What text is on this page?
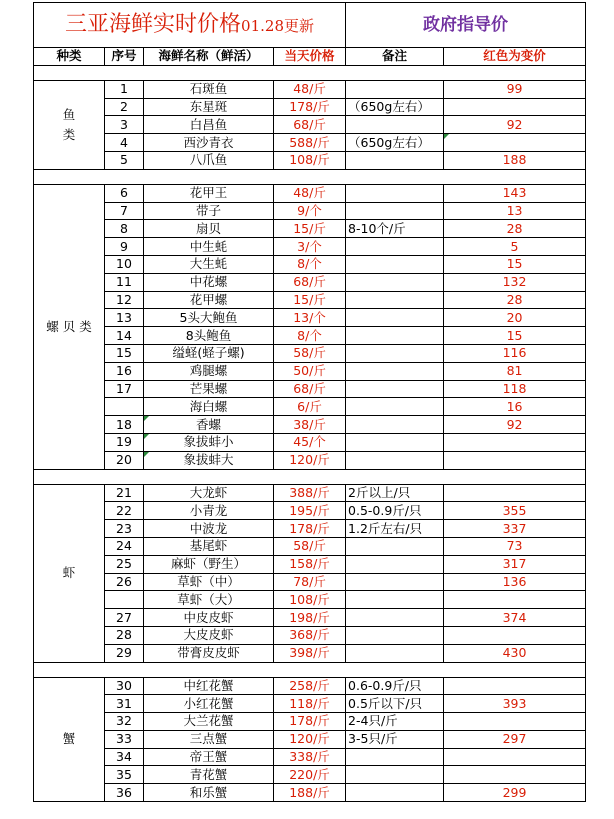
三亚海鲜实时价格01.28更新				政府指导价	
种类	序号	海鲜名称（鲜活）	当天价格	备注	红色为变价

鱼
类	1	石斑鱼	48/斤		99
	2	东星斑	178/斤	（650g左右）	
	3	白昌鱼	68/斤		92
	4	西沙青衣	588/斤	（650g左右）	
	5	八爪鱼	108/斤		188

螺 贝 类	6	花甲王	48/斤		143
	7	带子	9/个		13
	8	扇贝	15/斤	8-10个/斤	28
	9	中生蚝	3/个		5
	10	大生蚝	8/个		15
	11	中花螺	68/斤		132
	12	花甲螺	15/斤		28
	13	5头大鲍鱼	13/个		20
	14	8头鲍鱼	8/个		15
	15	缢蛏(蛏子螺)	58/斤		116
	16	鸡腿螺	50/斤		81
	17	芒果螺	68/斤		118
		海白螺	6/斤		16
	18	香螺	38/斤		92
	19	象拔蚌小	45/个		
	20	象拔蚌大	120/斤		

虾	21	大龙虾	388/斤	2斤以上/只	
	22	小青龙	195/斤	0.5-0.9斤/只	355
	23	中波龙	178/斤	1.2斤左右/只	337
	24	基尾虾	58/斤		73
	25	麻虾（野生）	158/斤		317
	26	草虾（中）	78/斤		136
		草虾（大）	108/斤		
	27	中皮皮虾	198/斤		374
	28	大皮皮虾	368/斤		
	29	带膏皮皮虾	398/斤		430

蟹	30	中红花蟹	258/斤	0.6-0.9斤/只	
	31	小红花蟹	118/斤	0.5斤以下/只	393
	32	大兰花蟹	178/斤	2-4只/斤	
	33	三点蟹	120/斤	3-5只/斤	297
	34	帝王蟹	338/斤		
	35	青花蟹	220/斤		
	36	和乐蟹	188/斤		299
